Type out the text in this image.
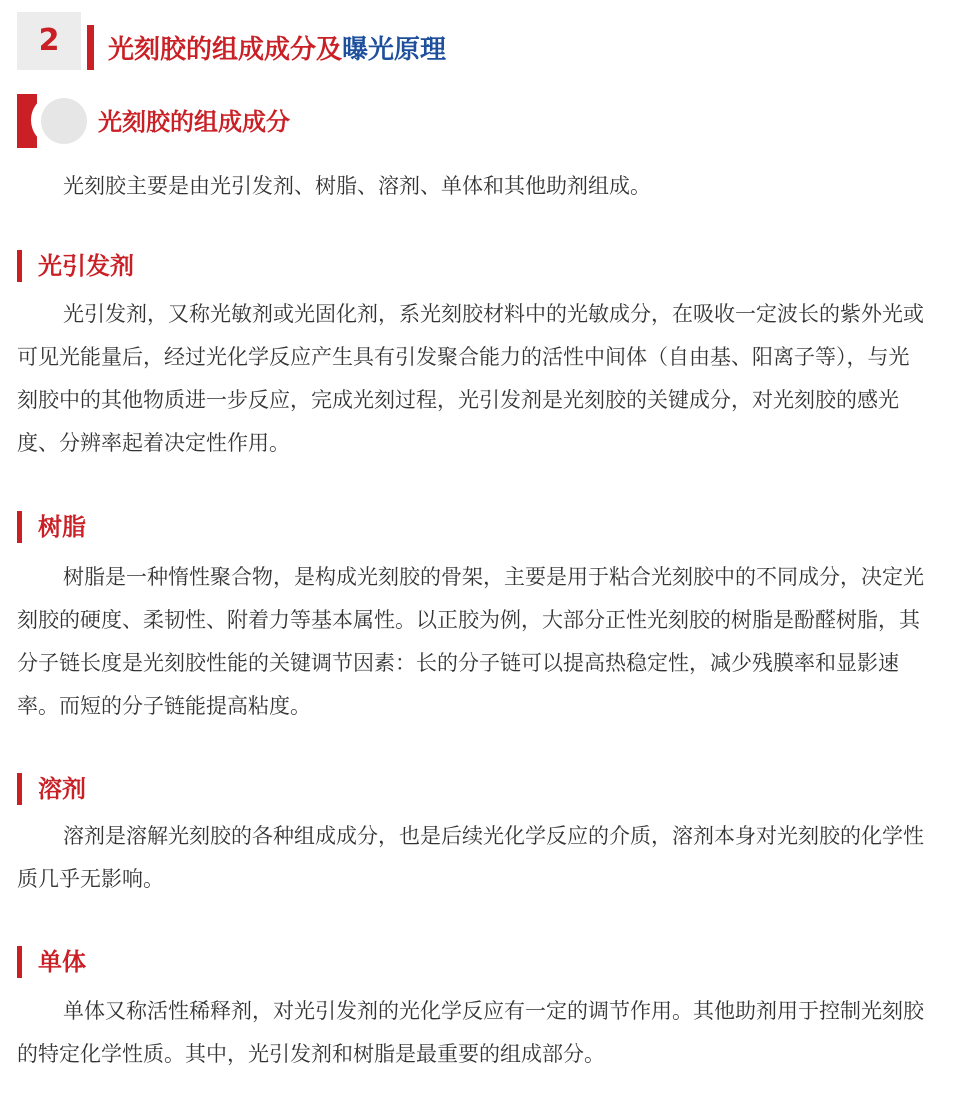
2	光刻胶的组成成分及曝光原理
光刻胶的组成成分

光刻胶主要是由光引发剂、树脂、溶剂、单体和其他助剂组成。

光引发剂

光引发剂，又称光敏剂或光固化剂，系光刻胶材料中的光敏成分，在吸收一定波长的紫外光或可见光能量后，经过光化学反应产生具有引发聚合能力的活性中间体（自由基、阳离子等），与光刻胶中的其他物质进一步反应，完成光刻过程，光引发剂是光刻胶的关键成分，对光刻胶的感光度、分辨率起着决定性作用。

树脂

树脂是一种惰性聚合物，是构成光刻胶的骨架，主要是用于粘合光刻胶中的不同成分，决定光刻胶的硬度、柔韧性、附着力等基本属性。以正胶为例，大部分正性光刻胶的树脂是酚醛树脂，其分子链长度是光刻胶性能的关键调节因素：长的分子链可以提高热稳定性，减少残膜率和显影速率。而短的分子链能提高粘度。

溶剂

溶剂是溶解光刻胶的各种组成成分，也是后续光化学反应的介质，溶剂本身对光刻胶的化学性质几乎无影响。

单体

单体又称活性稀释剂，对光引发剂的光化学反应有一定的调节作用。其他助剂用于控制光刻胶的特定化学性质。其中，光引发剂和树脂是最重要的组成部分。
